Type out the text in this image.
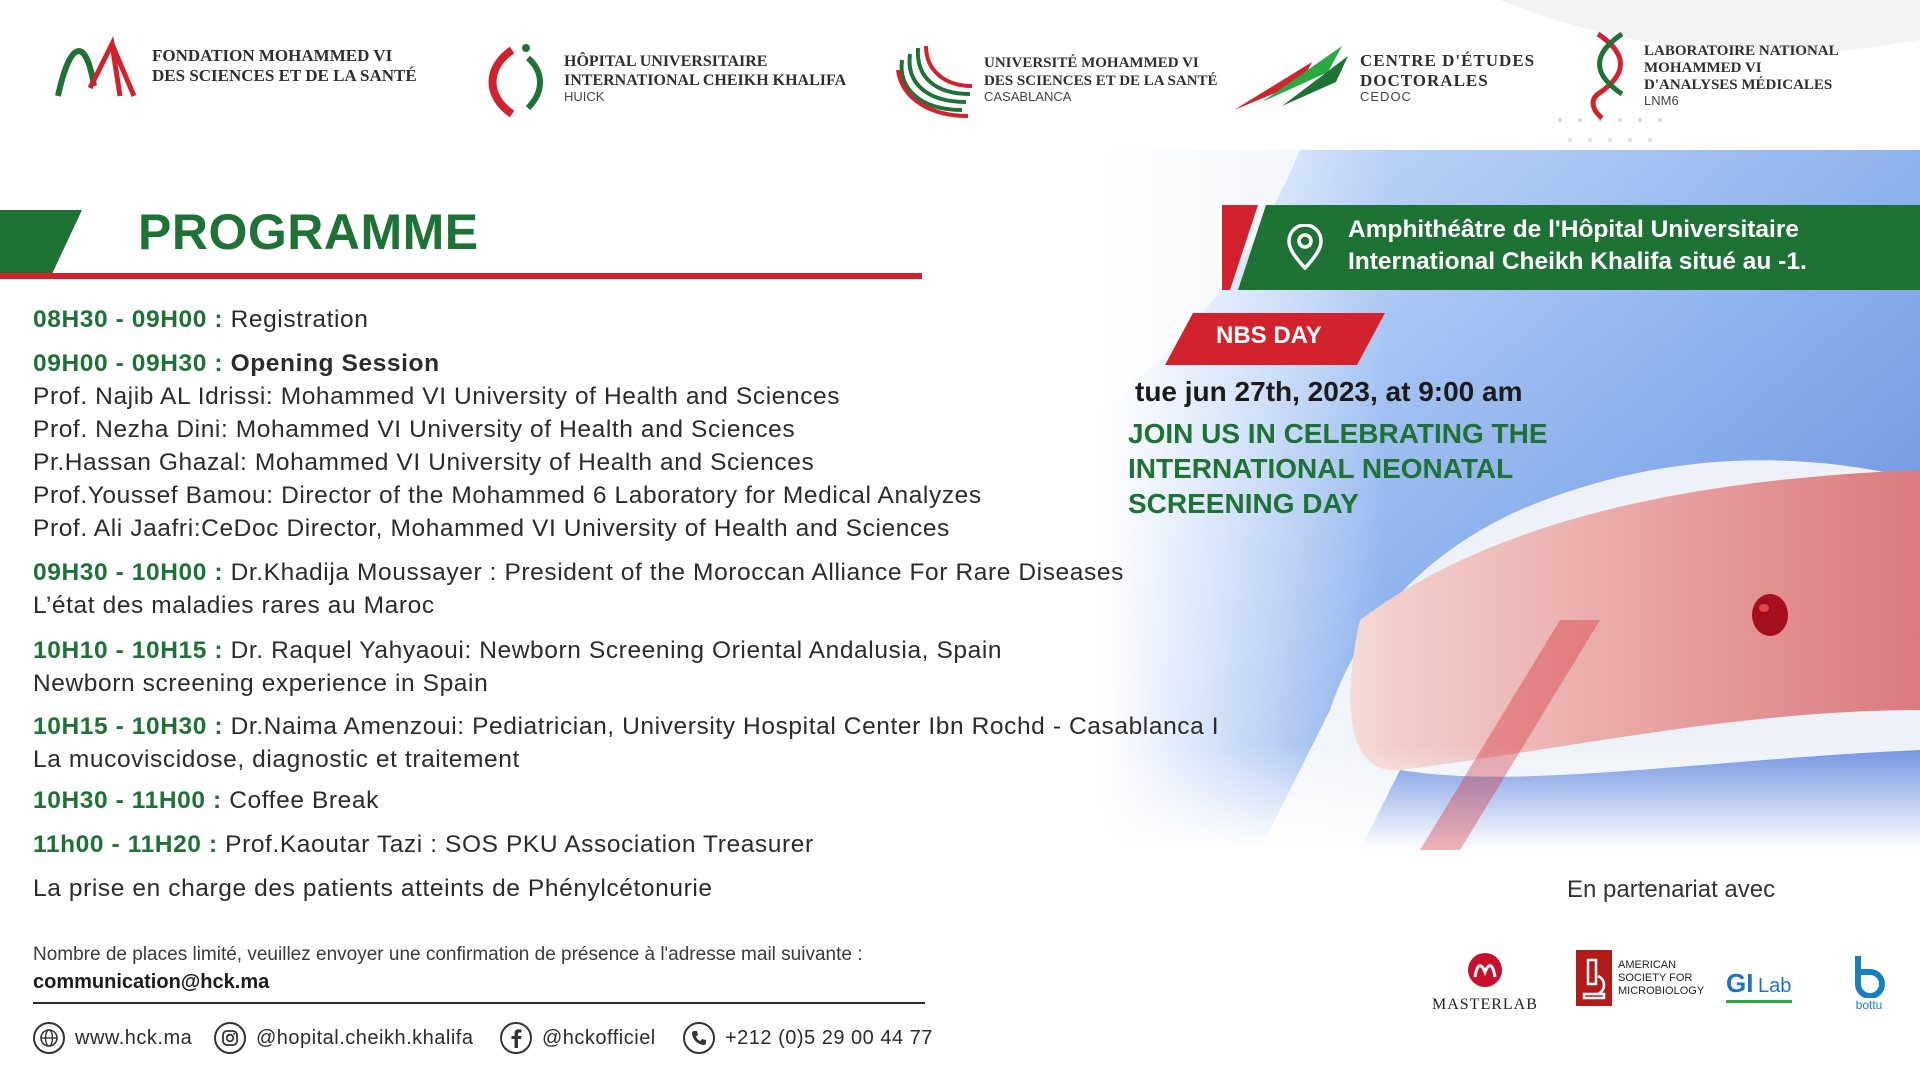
FONDATION MOHAMMED VI
DES SCIENCES ET DE LA SANTÉ
HÔPITAL UNIVERSITAIRE
INTERNATIONAL CHEIKH KHALIFA
HUICK
UNIVERSITÉ MOHAMMED VI
DES SCIENCES ET DE LA SANTÉ
CASABLANCA
CENTRE D'ÉTUDES
DOCTORALES
CEDOC
LABORATOIRE NATIONAL
MOHAMMED VI
D'ANALYSES MÉDICALES
LNM6
PROGRAMME	Amphithéâtre de l'Hôpital Universitaire
International Cheikh Khalifa situé au -1.
NBS DAY
tue jun 27th, 2023, at 9:00 am
JOIN US IN CELEBRATING THE
INTERNATIONAL NEONATAL
SCREENING DAY
08H30 - 09H00 : Registration
09H00 - 09H30 : Opening Session
Prof. Najib AL Idrissi: Mohammed VI University of Health and Sciences
Prof. Nezha Dini: Mohammed VI University of Health and Sciences
Pr.Hassan Ghazal: Mohammed VI University of Health and Sciences
Prof.Youssef Bamou: Director of the Mohammed 6 Laboratory for Medical Analyzes
Prof. Ali Jaafri:CeDoc Director, Mohammed VI University of Health and Sciences
09H30 - 10H00 : Dr.Khadija Moussayer : President of the Moroccan Alliance For Rare Diseases
L’état des maladies rares au Maroc
10H10 - 10H15 : Dr. Raquel Yahyaoui: Newborn Screening Oriental Andalusia, Spain
Newborn screening experience in Spain
10H15 - 10H30 : Dr.Naima Amenzoui: Pediatrician, University Hospital Center Ibn Rochd - Casablanca I
La mucoviscidose, diagnostic et traitement
10H30 - 11H00 : Coffee Break
11h00 - 11H20 : Prof.Kaoutar Tazi : SOS PKU Association Treasurer
La prise en charge des patients atteints de Phénylcétonurie	En partenariat avec
MASTERLAB
AMERICAN
SOCIETY FOR
MICROBIOLOGY GI Lab
bottu
Nombre de places limité, veuillez envoyer une confirmation de présence à l'adresse mail suivante :
communication@hck.ma
www.hck.ma	@hopital.cheikh.khalifa	@hckofficiel	+212 (0)5 29 00 44 77
